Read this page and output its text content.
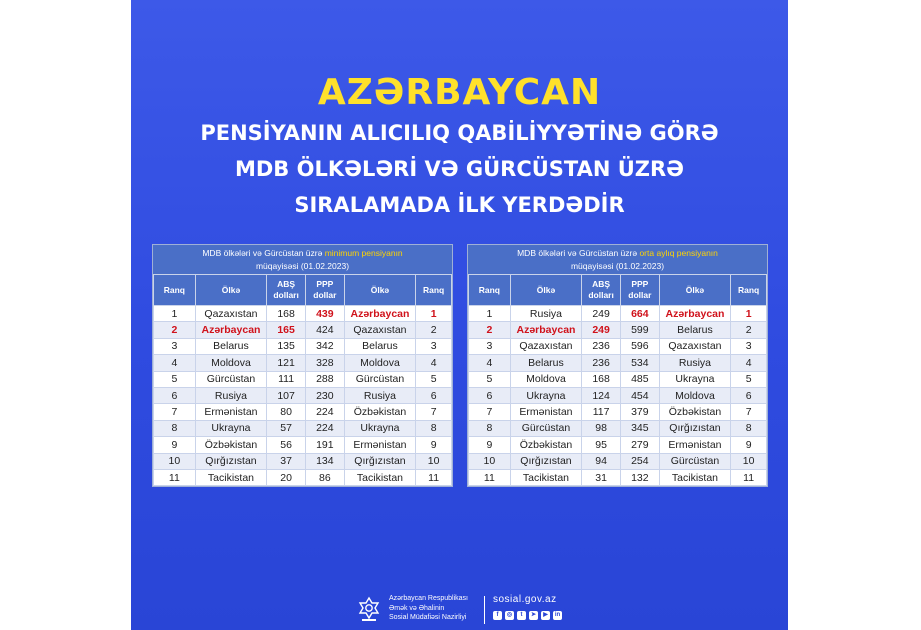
AZƏRBAYCAN
PENSİYANIN ALICILIQ QABİLİYYƏTİNƏ GÖRƏ
MDB ÖLKƏLƏRİ VƏ GÜRCÜSTAN ÜZRƏ
SIRALAMADA İLK YERDƏDİR
MDB ölkələri və Gürcüstan üzrə minimum pensiyanın
müqayisəsi (01.02.2023)
Ranq	Ölkə	ABŞ dolları	PPP dollar	Ölkə	Ranq
1	Qazaxıstan	168	439	Azərbaycan	1
2	Azərbaycan	165	424	Qazaxıstan	2
3	Belarus	135	342	Belarus	3
4	Moldova	121	328	Moldova	4
5	Gürcüstan	111	288	Gürcüstan	5
6	Rusiya	107	230	Rusiya	6
7	Ermənistan	80	224	Özbəkistan	7
8	Ukrayna	57	224	Ukrayna	8
9	Özbəkistan	56	191	Ermənistan	9
10	Qırğızıstan	37	134	Qırğızıstan	10
11	Tacikistan	20	86	Tacikistan	11
MDB ölkələri və Gürcüstan üzrə orta aylıq pensiyanın
müqayisəsi (01.02.2023)
Ranq	Ölkə	ABŞ dolları	PPP dollar	Ölkə	Ranq
1	Rusiya	249	664	Azərbaycan	1
2	Azərbaycan	249	599	Belarus	2
3	Qazaxıstan	236	596	Qazaxıstan	3
4	Belarus	236	534	Rusiya	4
5	Moldova	168	485	Ukrayna	5
6	Ukrayna	124	454	Moldova	6
7	Ermənistan	117	379	Özbəkistan	7
8	Gürcüstan	98	345	Qırğızıstan	8
9	Özbəkistan	95	279	Ermənistan	9
10	Qırğızıstan	94	254	Gürcüstan	10
11	Tacikistan	31	132	Tacikistan	11
Azərbaycan Respublikası
Əmək və Əhalinin
Sosial Müdafiəsi Nazirliyi
sosial.gov.az
f	◎	t	➤	▶	in
